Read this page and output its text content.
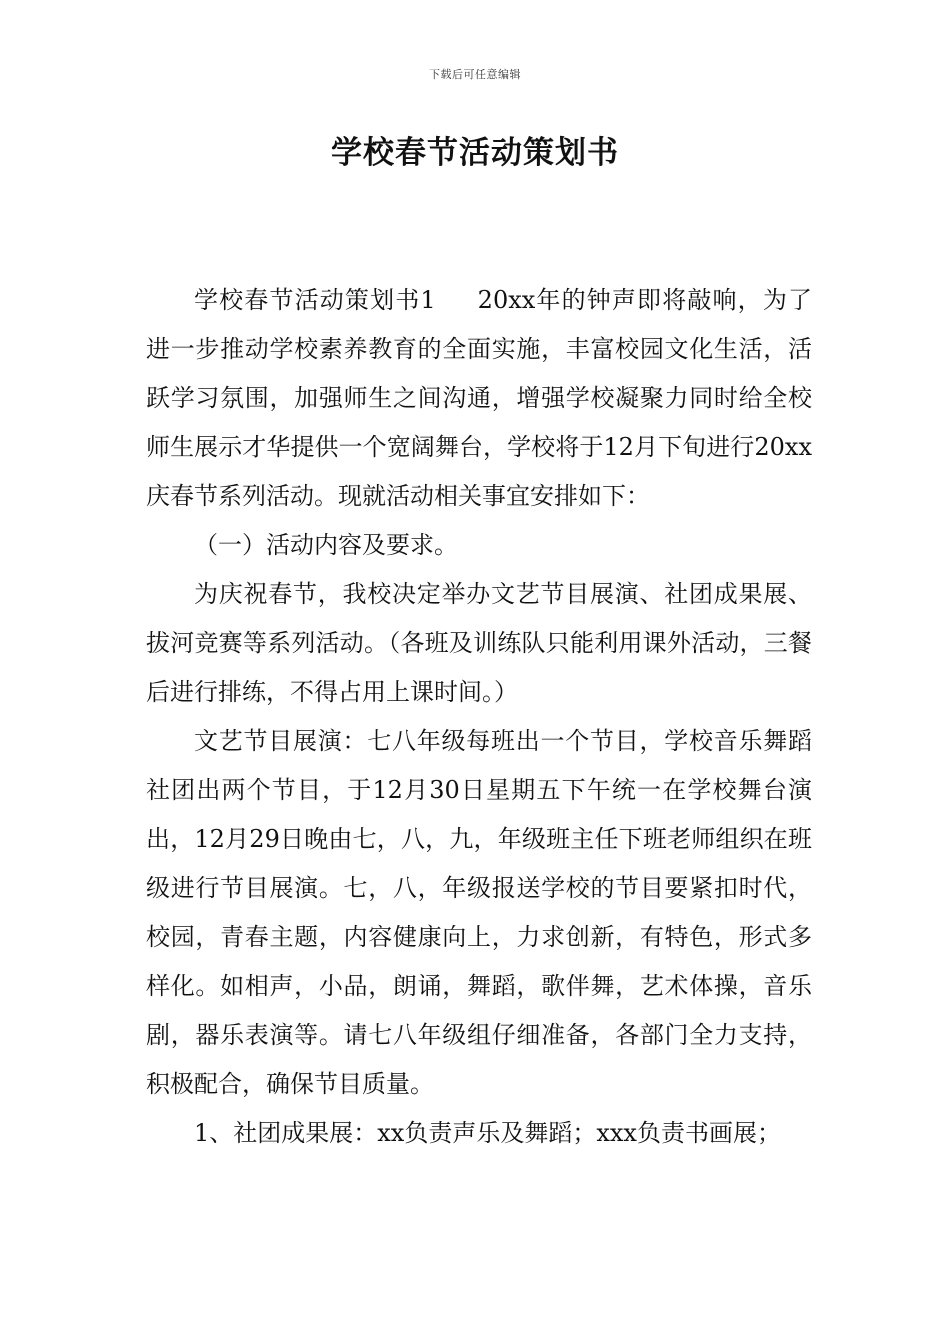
下载后可任意编辑
学校春节活动策划书

学校春节活动策划书1 20xx年的钟声即将敲响，为了进一步推动学校素养教育的全面实施，丰富校园文化生活，活跃学习氛围，加强师生之间沟通，增强学校凝聚力同时给全校师生展示才华提供一个宽阔舞台，学校将于12月下旬进行20xx庆春节系列活动。现就活动相关事宜安排如下：

（一）活动内容及要求。

为庆祝春节，我校决定举办文艺节目展演、社团成果展、拔河竞赛等系列活动。（各班及训练队只能利用课外活动，三餐后进行排练，不得占用上课时间。）

文艺节目展演：七八年级每班出一个节目，学校音乐舞蹈社团出两个节目，于12月30日星期五下午统一在学校舞台演出，12月29日晚由七，八，九，年级班主任下班老师组织在班级进行节目展演。七，八，年级报送学校的节目要紧扣时代，校园，青春主题，内容健康向上，力求创新，有特色，形式多样化。如相声，小品，朗诵，舞蹈，歌伴舞，艺术体操，音乐剧，器乐表演等。请七八年级组仔细准备，各部门全力支持，积极配合，确保节目质量。

1、社团成果展：xx负责声乐及舞蹈；xxx负责书画展；
